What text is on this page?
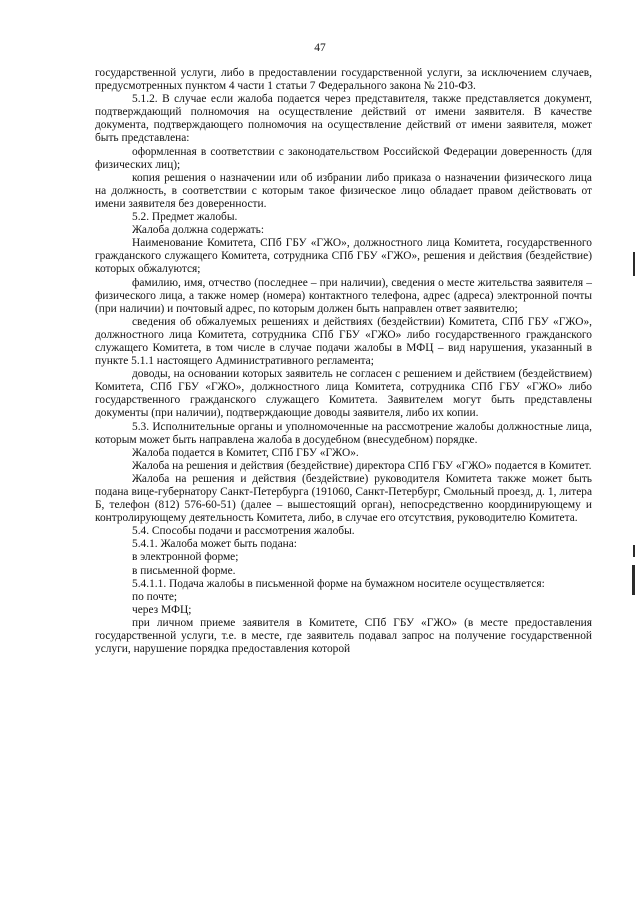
47

государственной услуги, либо в предоставлении государственной услуги, за исключением случаев, предусмотренных пунктом 4 части 1 статьи 7 Федерального закона № 210-ФЗ.

5.1.2. В случае если жалоба подается через представителя, также представляется документ, подтверждающий полномочия на осуществление действий от имени заявителя. В качестве документа, подтверждающего полномочия на осуществление действий от имени заявителя, может быть представлена:

оформленная в соответствии с законодательством Российской Федерации доверенность (для физических лиц);

копия решения о назначении или об избрании либо приказа о назначении физического лица на должность, в соответствии с которым такое физическое лицо обладает правом действовать от имени заявителя без доверенности.

5.2. Предмет жалобы.

Жалоба должна содержать:

Наименование Комитета, СПб ГБУ «ГЖО», должностного лица Комитета, государственного гражданского служащего Комитета, сотрудника СПб ГБУ «ГЖО», решения и действия (бездействие) которых обжалуются;

фамилию, имя, отчество (последнее – при наличии), сведения о месте жительства заявителя – физического лица, а также номер (номера) контактного телефона, адрес (адреса) электронной почты (при наличии) и почтовый адрес, по которым должен быть направлен ответ заявителю;

сведения об обжалуемых решениях и действиях (бездействии) Комитета, СПб ГБУ «ГЖО», должностного лица Комитета, сотрудника СПб ГБУ «ГЖО» либо государственного гражданского служащего Комитета, в том числе в случае подачи жалобы в МФЦ – вид нарушения, указанный в пункте 5.1.1 настоящего Административного регламента;

доводы, на основании которых заявитель не согласен с решением и действием (бездействием) Комитета, СПб ГБУ «ГЖО», должностного лица Комитета, сотрудника СПб ГБУ «ГЖО» либо государственного гражданского служащего Комитета. Заявителем могут быть представлены документы (при наличии), подтверждающие доводы заявителя, либо их копии.

5.3. Исполнительные органы и уполномоченные на рассмотрение жалобы должностные лица, которым может быть направлена жалоба в досудебном (внесудебном) порядке.

Жалоба подается в Комитет, СПб ГБУ «ГЖО».

Жалоба на решения и действия (бездействие) директора СПб ГБУ «ГЖО» подается в Комитет.

Жалоба на решения и действия (бездействие) руководителя Комитета также может быть подана вице-губернатору Санкт-Петербурга (191060, Санкт-Петербург, Смольный проезд, д. 1, литера Б, телефон (812) 576-60-51) (далее – вышестоящий орган), непосредственно координирующему и контролирующему деятельность Комитета, либо, в случае его отсутствия, руководителю Комитета.

5.4. Способы подачи и рассмотрения жалобы.

5.4.1. Жалоба может быть подана:

в электронной форме;

в письменной форме.

5.4.1.1. Подача жалобы в письменной форме на бумажном носителе осуществляется:

по почте;

через МФЦ;

при личном приеме заявителя в Комитете, СПб ГБУ «ГЖО» (в месте предоставления государственной услуги, т.е. в месте, где заявитель подавал запрос на получение государственной услуги, нарушение порядка предоставления которой
